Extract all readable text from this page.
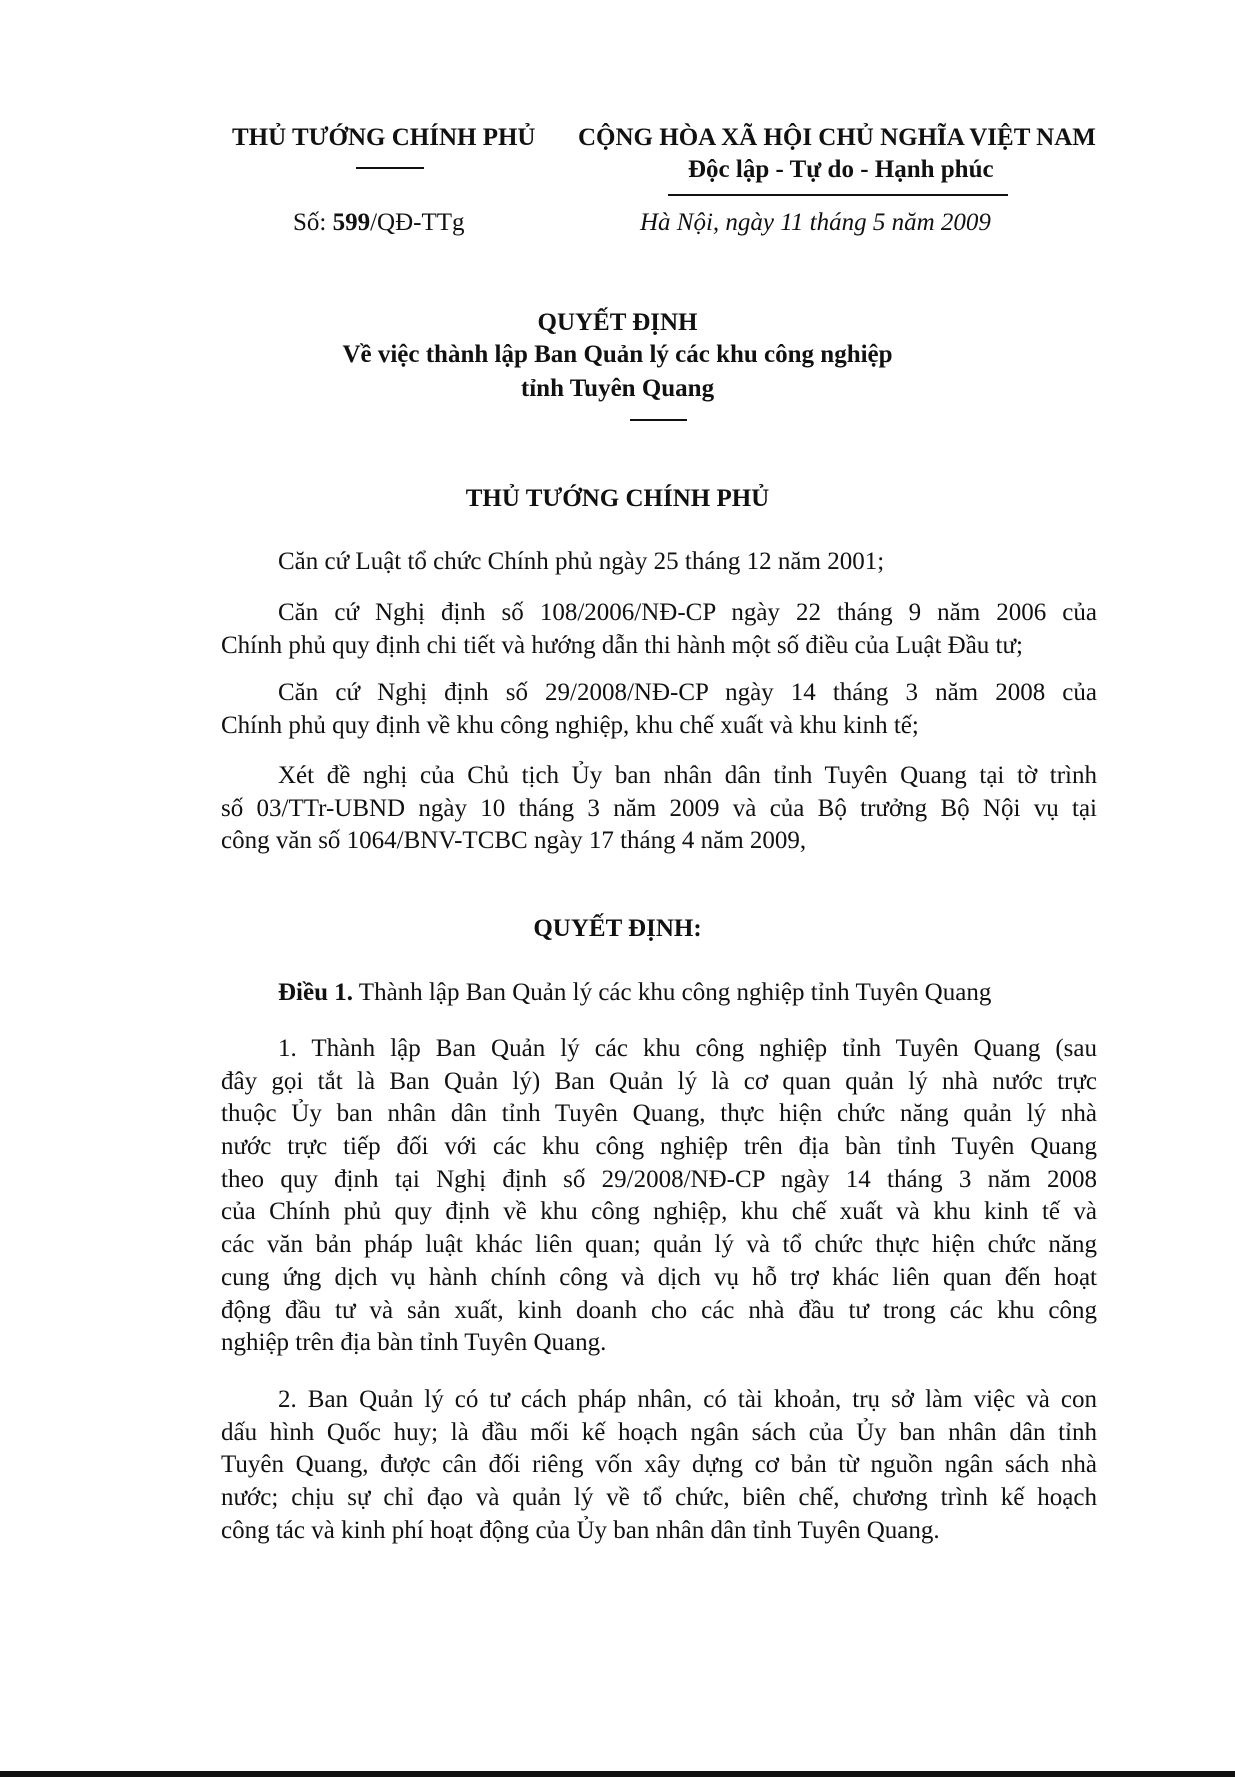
THỦ TƯỚNG CHÍNH PHỦ CỘNG HÒA XÃ HỘI CHỦ NGHĨA VIỆT NAM
Độc lập - Tự do - Hạnh phúc
Số: 599/QĐ-TTg	Hà Nội, ngày 11 tháng 5 năm 2009
QUYẾT ĐỊNH
Về việc thành lập Ban Quản lý các khu công nghiệp
tỉnh Tuyên Quang
THỦ TƯỚNG CHÍNH PHỦ
Căn cứ Luật tổ chức Chính phủ ngày 25 tháng 12 năm 2001;
Căn cứ Nghị định số 108/2006/NĐ-CP ngày 22 tháng 9 năm 2006 của
Chính phủ quy định chi tiết và hướng dẫn thi hành một số điều của Luật Đầu tư;
Căn cứ Nghị định số 29/2008/NĐ-CP ngày 14 tháng 3 năm 2008 của
Chính phủ quy định về khu công nghiệp, khu chế xuất và khu kinh tế;
Xét đề nghị của Chủ tịch Ủy ban nhân dân tỉnh Tuyên Quang tại tờ trình
số 03/TTr-UBND ngày 10 tháng 3 năm 2009 và của Bộ trưởng Bộ Nội vụ tại
công văn số 1064/BNV-TCBC ngày 17 tháng 4 năm 2009,
QUYẾT ĐỊNH:
Điều 1. Thành lập Ban Quản lý các khu công nghiệp tỉnh Tuyên Quang
1. Thành lập Ban Quản lý các khu công nghiệp tỉnh Tuyên Quang (sau
đây gọi tắt là Ban Quản lý) Ban Quản lý là cơ quan quản lý nhà nước trực
thuộc Ủy ban nhân dân tỉnh Tuyên Quang, thực hiện chức năng quản lý nhà
nước trực tiếp đối với các khu công nghiệp trên địa bàn tỉnh Tuyên Quang
theo quy định tại Nghị định số 29/2008/NĐ-CP ngày 14 tháng 3 năm 2008
của Chính phủ quy định về khu công nghiệp, khu chế xuất và khu kinh tế và
các văn bản pháp luật khác liên quan; quản lý và tổ chức thực hiện chức năng
cung ứng dịch vụ hành chính công và dịch vụ hỗ trợ khác liên quan đến hoạt
động đầu tư và sản xuất, kinh doanh cho các nhà đầu tư trong các khu công
nghiệp trên địa bàn tỉnh Tuyên Quang.
2. Ban Quản lý có tư cách pháp nhân, có tài khoản, trụ sở làm việc và con
dấu hình Quốc huy; là đầu mối kế hoạch ngân sách của Ủy ban nhân dân tỉnh
Tuyên Quang, được cân đối riêng vốn xây dựng cơ bản từ nguồn ngân sách nhà
nước; chịu sự chỉ đạo và quản lý về tổ chức, biên chế, chương trình kế hoạch
công tác và kinh phí hoạt động của Ủy ban nhân dân tỉnh Tuyên Quang.
